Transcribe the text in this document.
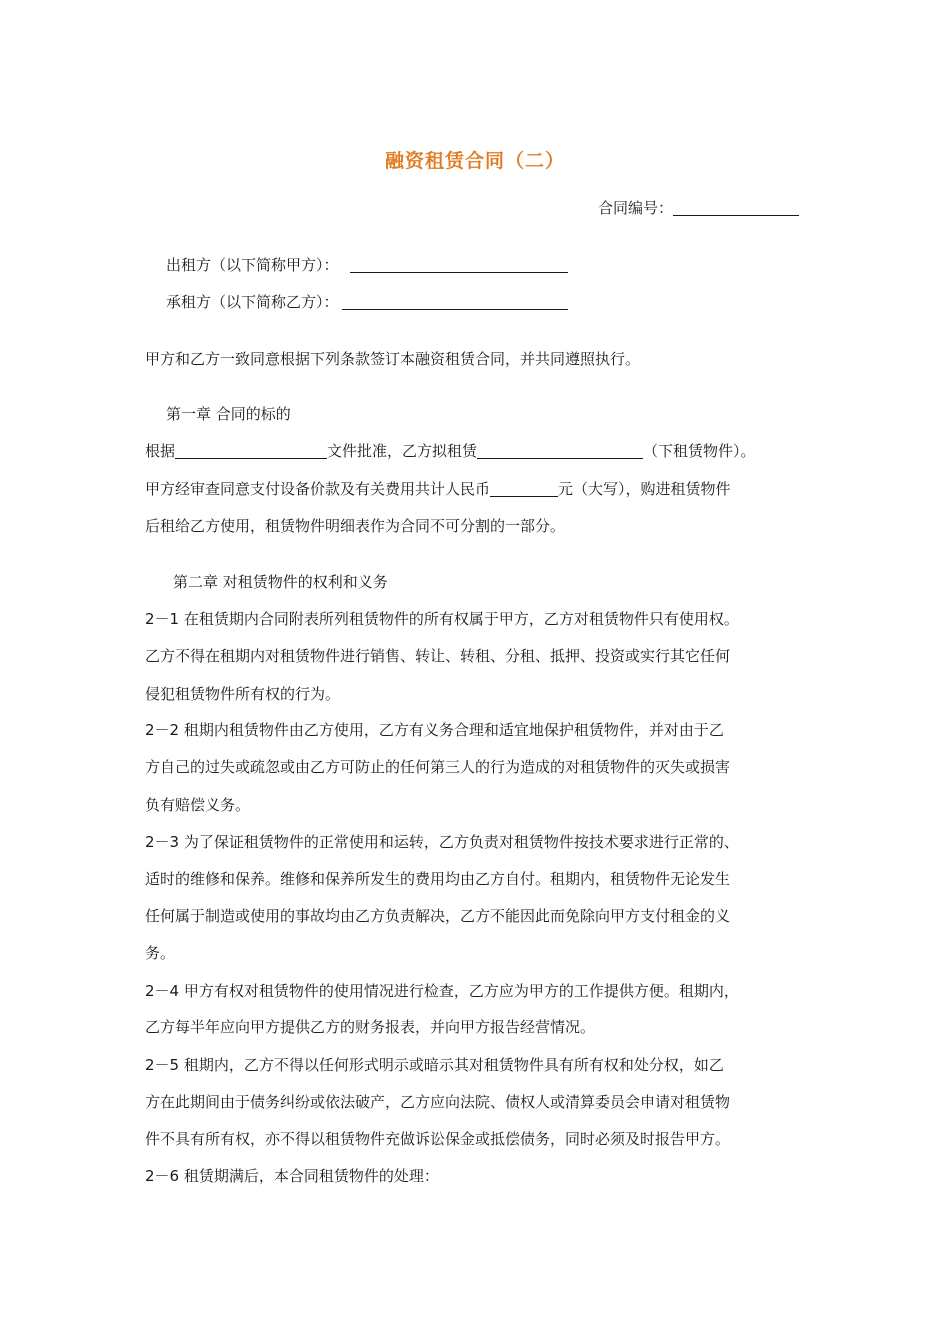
融资租赁合同（二）
合同编号：
出租方（以下简称甲方）：
承租方（以下简称乙方）：
甲方和乙方一致同意根据下列条款签订本融资租赁合同，并共同遵照执行。
第一章 合同的标的
根据	文件批准，乙方拟租赁	（下租赁物件）。
甲方经审查同意支付设备价款及有关费用共计人民币	元（大写），购进租赁物件
后租给乙方使用，租赁物件明细表作为合同不可分割的一部分。
第二章 对租赁物件的权利和义务
2－1 在租赁期内合同附表所列租赁物件的所有权属于甲方，乙方对租赁物件只有使用权。
乙方不得在租期内对租赁物件进行销售、转让、转租、分租、抵押、投资或实行其它任何
侵犯租赁物件所有权的行为。
2－2 租期内租赁物件由乙方使用，乙方有义务合理和适宜地保护租赁物件，并对由于乙
方自己的过失或疏忽或由乙方可防止的任何第三人的行为造成的对租赁物件的灭失或损害
负有赔偿义务。
2－3 为了保证租赁物件的正常使用和运转，乙方负责对租赁物件按技术要求进行正常的、
适时的维修和保养。维修和保养所发生的费用均由乙方自付。租期内，租赁物件无论发生
任何属于制造或使用的事故均由乙方负责解决，乙方不能因此而免除向甲方支付租金的义
务。
2－4 甲方有权对租赁物件的使用情况进行检查，乙方应为甲方的工作提供方便。租期内，
乙方每半年应向甲方提供乙方的财务报表，并向甲方报告经营情况。
2－5 租期内，乙方不得以任何形式明示或暗示其对租赁物件具有所有权和处分权，如乙
方在此期间由于债务纠纷或依法破产，乙方应向法院、债权人或清算委员会申请对租赁物
件不具有所有权，亦不得以租赁物件充做诉讼保金或抵偿债务，同时必须及时报告甲方。
2－6 租赁期满后，本合同租赁物件的处理：
